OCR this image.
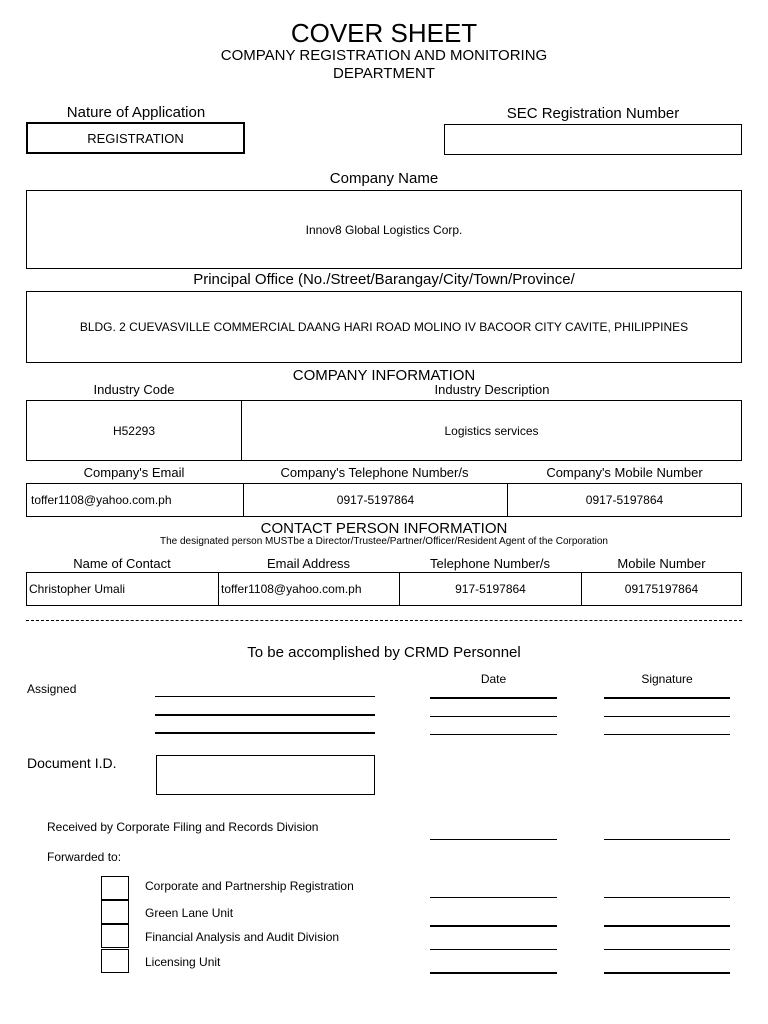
COVER SHEET
COMPANY REGISTRATION AND MONITORING
DEPARTMENT
Nature of Application
REGISTRATION
SEC Registration Number
Company Name
Innov8 Global Logistics Corp.
Principal Office (No./Street/Barangay/City/Town/Province/
BLDG. 2 CUEVASVILLE COMMERCIAL DAANG HARI ROAD MOLINO IV BACOOR CITY CAVITE, PHILIPPINES
COMPANY INFORMATION
Industry Code	Industry Description
H52293	Logistics services
Company's Email	Company's Telephone Number/s	Company's Mobile Number
toffer1108@yahoo.com.ph	0917-5197864	0917-5197864
CONTACT PERSON INFORMATION
The designated person MUSTbe a Director/Trustee/Partner/Officer/Resident Agent of the Corporation
Name of Contact	Email Address	Telephone Number/s	Mobile Number
Christopher Umali	toffer1108@yahoo.com.ph	917-5197864	09175197864
To be accomplished by CRMD Personnel
Date	Signature
Assigned
Document I.D.
Received by Corporate Filing and Records Division
Forwarded to:
Corporate and Partnership Registration
Green Lane Unit
Financial Analysis and Audit Division
Licensing Unit
